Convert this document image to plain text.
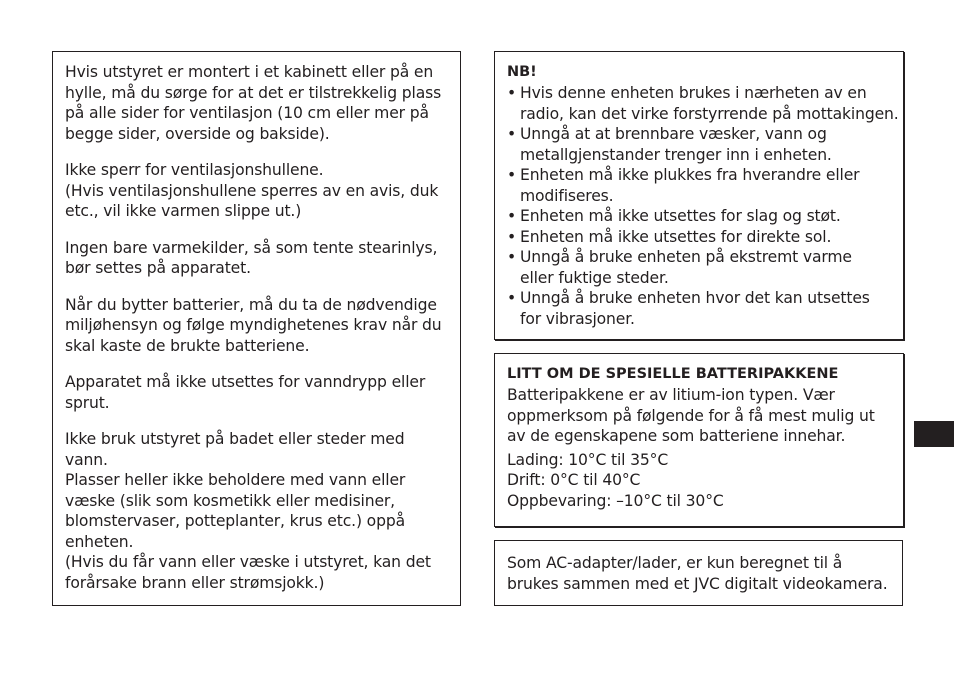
Hvis utstyret er montert i et kabinett eller på en
hylle, må du sørge for at det er tilstrekkelig plass
på alle sider for ventilasjon (10 cm eller mer på
begge sider, overside og bakside).

Ikke sperr for ventilasjonshullene.
(Hvis ventilasjonshullene sperres av en avis, duk
etc., vil ikke varmen slippe ut.)

Ingen bare varmekilder, så som tente stearinlys,
bør settes på apparatet.

Når du bytter batterier, må du ta de nødvendige
miljøhensyn og følge myndighetenes krav når du
skal kaste de brukte batteriene.

Apparatet må ikke utsettes for vanndrypp eller
sprut.

Ikke bruk utstyret på badet eller steder med
vann.
Plasser heller ikke beholdere med vann eller
væske (slik som kosmetikk eller medisiner,
blomstervaser, potteplanter, krus etc.) oppå
enheten.
(Hvis du får vann eller væske i utstyret, kan det
forårsake brann eller strømsjokk.)

NB!
• Hvis denne enheten brukes i nærheten av en
radio, kan det virke forstyrrende på mottakingen.
• Unngå at at brennbare væsker, vann og
metallgjenstander trenger inn i enheten.
• Enheten må ikke plukkes fra hverandre eller
modifiseres.
• Enheten må ikke utsettes for slag og støt.
• Enheten må ikke utsettes for direkte sol.
• Unngå å bruke enheten på ekstremt varme
eller fuktige steder.
• Unngå å bruke enheten hvor det kan utsettes
for vibrasjoner.
LITT OM DE SPESIELLE BATTERIPAKKENE

Batteripakkene er av litium-ion typen. Vær
oppmerksom på følgende for å få mest mulig ut
av de egenskapene som batteriene innehar.

Lading: 10°C til 35°C
Drift: 0°C til 40°C
Oppbevaring: –10°C til 30°C

Som AC-adapter/lader, er kun beregnet til å
brukes sammen med et JVC digitalt videokamera.
